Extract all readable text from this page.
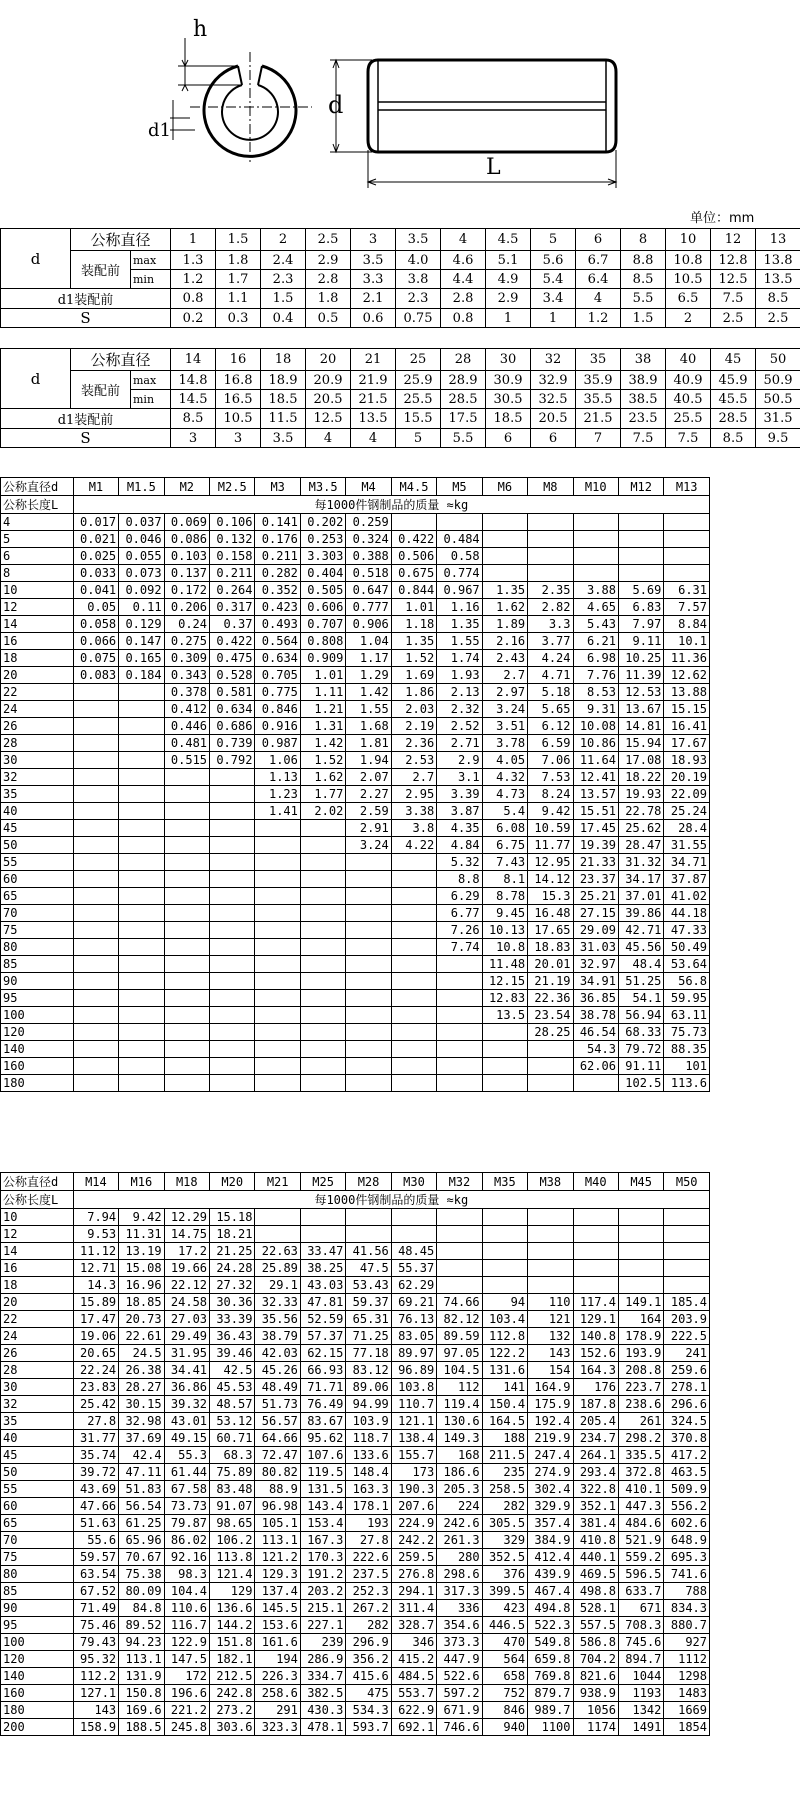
h
d1
d
L
单位：mm
d	公称直径		1	1.5	2	2.5	3	3.5	4	4.5	5	6	8	10	12	13
	装配前	max	1.3	1.8	2.4	2.9	3.5	4.0	4.6	5.1	5.6	6.7	8.8	10.8	12.8	13.8
		min	1.2	1.7	2.3	2.8	3.3	3.8	4.4	4.9	5.4	6.4	8.5	10.5	12.5	13.5
d1装配前			0.8	1.1	1.5	1.8	2.1	2.3	2.8	2.9	3.4	4	5.5	6.5	7.5	8.5
S			0.2	0.3	0.4	0.5	0.6	0.75	0.8	1	1	1.2	1.5	2	2.5	2.5
d	公称直径		14	16	18	20	21	25	28	30	32	35	38	40	45	50
	装配前	max	14.8	16.8	18.9	20.9	21.9	25.9	28.9	30.9	32.9	35.9	38.9	40.9	45.9	50.9
		min	14.5	16.5	18.5	20.5	21.5	25.5	28.5	30.5	32.5	35.5	38.5	40.5	45.5	50.5
d1装配前			8.5	10.5	11.5	12.5	13.5	15.5	17.5	18.5	20.5	21.5	23.5	25.5	28.5	31.5
S			3	3	3.5	4	4	5	5.5	6	6	7	7.5	7.5	8.5	9.5
公称直径d	M1	M1.5	M2	M2.5	M3	M3.5	M4	M4.5	M5	M6	M8	M10	M12	M13
公称长度L	每1000件钢制品的质量 ≈kg													
4	0.017	0.037	0.069	0.106	0.141	0.202	0.259							
5	0.021	0.046	0.086	0.132	0.176	0.253	0.324	0.422	0.484					
6	0.025	0.055	0.103	0.158	0.211	3.303	0.388	0.506	0.58					
8	0.033	0.073	0.137	0.211	0.282	0.404	0.518	0.675	0.774					
10	0.041	0.092	0.172	0.264	0.352	0.505	0.647	0.844	0.967	1.35	2.35	3.88	5.69	6.31
12	0.05	0.11	0.206	0.317	0.423	0.606	0.777	1.01	1.16	1.62	2.82	4.65	6.83	7.57
14	0.058	0.129	0.24	0.37	0.493	0.707	0.906	1.18	1.35	1.89	3.3	5.43	7.97	8.84
16	0.066	0.147	0.275	0.422	0.564	0.808	1.04	1.35	1.55	2.16	3.77	6.21	9.11	10.1
18	0.075	0.165	0.309	0.475	0.634	0.909	1.17	1.52	1.74	2.43	4.24	6.98	10.25	11.36
20	0.083	0.184	0.343	0.528	0.705	1.01	1.29	1.69	1.93	2.7	4.71	7.76	11.39	12.62
22			0.378	0.581	0.775	1.11	1.42	1.86	2.13	2.97	5.18	8.53	12.53	13.88
24			0.412	0.634	0.846	1.21	1.55	2.03	2.32	3.24	5.65	9.31	13.67	15.15
26			0.446	0.686	0.916	1.31	1.68	2.19	2.52	3.51	6.12	10.08	14.81	16.41
28			0.481	0.739	0.987	1.42	1.81	2.36	2.71	3.78	6.59	10.86	15.94	17.67
30			0.515	0.792	1.06	1.52	1.94	2.53	2.9	4.05	7.06	11.64	17.08	18.93
32					1.13	1.62	2.07	2.7	3.1	4.32	7.53	12.41	18.22	20.19
35					1.23	1.77	2.27	2.95	3.39	4.73	8.24	13.57	19.93	22.09
40					1.41	2.02	2.59	3.38	3.87	5.4	9.42	15.51	22.78	25.24
45							2.91	3.8	4.35	6.08	10.59	17.45	25.62	28.4
50							3.24	4.22	4.84	6.75	11.77	19.39	28.47	31.55
55									5.32	7.43	12.95	21.33	31.32	34.71
60									8.8	8.1	14.12	23.37	34.17	37.87
65									6.29	8.78	15.3	25.21	37.01	41.02
70									6.77	9.45	16.48	27.15	39.86	44.18
75									7.26	10.13	17.65	29.09	42.71	47.33
80									7.74	10.8	18.83	31.03	45.56	50.49
85										11.48	20.01	32.97	48.4	53.64
90										12.15	21.19	34.91	51.25	56.8
95										12.83	22.36	36.85	54.1	59.95
100										13.5	23.54	38.78	56.94	63.11
120											28.25	46.54	68.33	75.73
140												54.3	79.72	88.35
160												62.06	91.11	101
180													102.5	113.6
公称直径d	M14	M16	M18	M20	M21	M25	M28	M30	M32	M35	M38	M40	M45	M50
公称长度L	每1000件钢制品的质量 ≈kg													
10	7.94	9.42	12.29	15.18										
12	9.53	11.31	14.75	18.21										
14	11.12	13.19	17.2	21.25	22.63	33.47	41.56	48.45						
16	12.71	15.08	19.66	24.28	25.89	38.25	47.5	55.37						
18	14.3	16.96	22.12	27.32	29.1	43.03	53.43	62.29						
20	15.89	18.85	24.58	30.36	32.33	47.81	59.37	69.21	74.66	94	110	117.4	149.1	185.4
22	17.47	20.73	27.03	33.39	35.56	52.59	65.31	76.13	82.12	103.4	121	129.1	164	203.9
24	19.06	22.61	29.49	36.43	38.79	57.37	71.25	83.05	89.59	112.8	132	140.8	178.9	222.5
26	20.65	24.5	31.95	39.46	42.03	62.15	77.18	89.97	97.05	122.2	143	152.6	193.9	241
28	22.24	26.38	34.41	42.5	45.26	66.93	83.12	96.89	104.5	131.6	154	164.3	208.8	259.6
30	23.83	28.27	36.86	45.53	48.49	71.71	89.06	103.8	112	141	164.9	176	223.7	278.1
32	25.42	30.15	39.32	48.57	51.73	76.49	94.99	110.7	119.4	150.4	175.9	187.8	238.6	296.6
35	27.8	32.98	43.01	53.12	56.57	83.67	103.9	121.1	130.6	164.5	192.4	205.4	261	324.5
40	31.77	37.69	49.15	60.71	64.66	95.62	118.7	138.4	149.3	188	219.9	234.7	298.2	370.8
45	35.74	42.4	55.3	68.3	72.47	107.6	133.6	155.7	168	211.5	247.4	264.1	335.5	417.2
50	39.72	47.11	61.44	75.89	80.82	119.5	148.4	173	186.6	235	274.9	293.4	372.8	463.5
55	43.69	51.83	67.58	83.48	88.9	131.5	163.3	190.3	205.3	258.5	302.4	322.8	410.1	509.9
60	47.66	56.54	73.73	91.07	96.98	143.4	178.1	207.6	224	282	329.9	352.1	447.3	556.2
65	51.63	61.25	79.87	98.65	105.1	153.4	193	224.9	242.6	305.5	357.4	381.4	484.6	602.6
70	55.6	65.96	86.02	106.2	113.1	167.3	27.8	242.2	261.3	329	384.9	410.8	521.9	648.9
75	59.57	70.67	92.16	113.8	121.2	170.3	222.6	259.5	280	352.5	412.4	440.1	559.2	695.3
80	63.54	75.38	98.3	121.4	129.3	191.2	237.5	276.8	298.6	376	439.9	469.5	596.5	741.6
85	67.52	80.09	104.4	129	137.4	203.2	252.3	294.1	317.3	399.5	467.4	498.8	633.7	788
90	71.49	84.8	110.6	136.6	145.5	215.1	267.2	311.4	336	423	494.8	528.1	671	834.3
95	75.46	89.52	116.7	144.2	153.6	227.1	282	328.7	354.6	446.5	522.3	557.5	708.3	880.7
100	79.43	94.23	122.9	151.8	161.6	239	296.9	346	373.3	470	549.8	586.8	745.6	927
120	95.32	113.1	147.5	182.1	194	286.9	356.2	415.2	447.9	564	659.8	704.2	894.7	1112
140	112.2	131.9	172	212.5	226.3	334.7	415.6	484.5	522.6	658	769.8	821.6	1044	1298
160	127.1	150.8	196.6	242.8	258.6	382.5	475	553.7	597.2	752	879.7	938.9	1193	1483
180	143	169.6	221.2	273.2	291	430.3	534.3	622.9	671.9	846	989.7	1056	1342	1669
200	158.9	188.5	245.8	303.6	323.3	478.1	593.7	692.1	746.6	940	1100	1174	1491	1854
